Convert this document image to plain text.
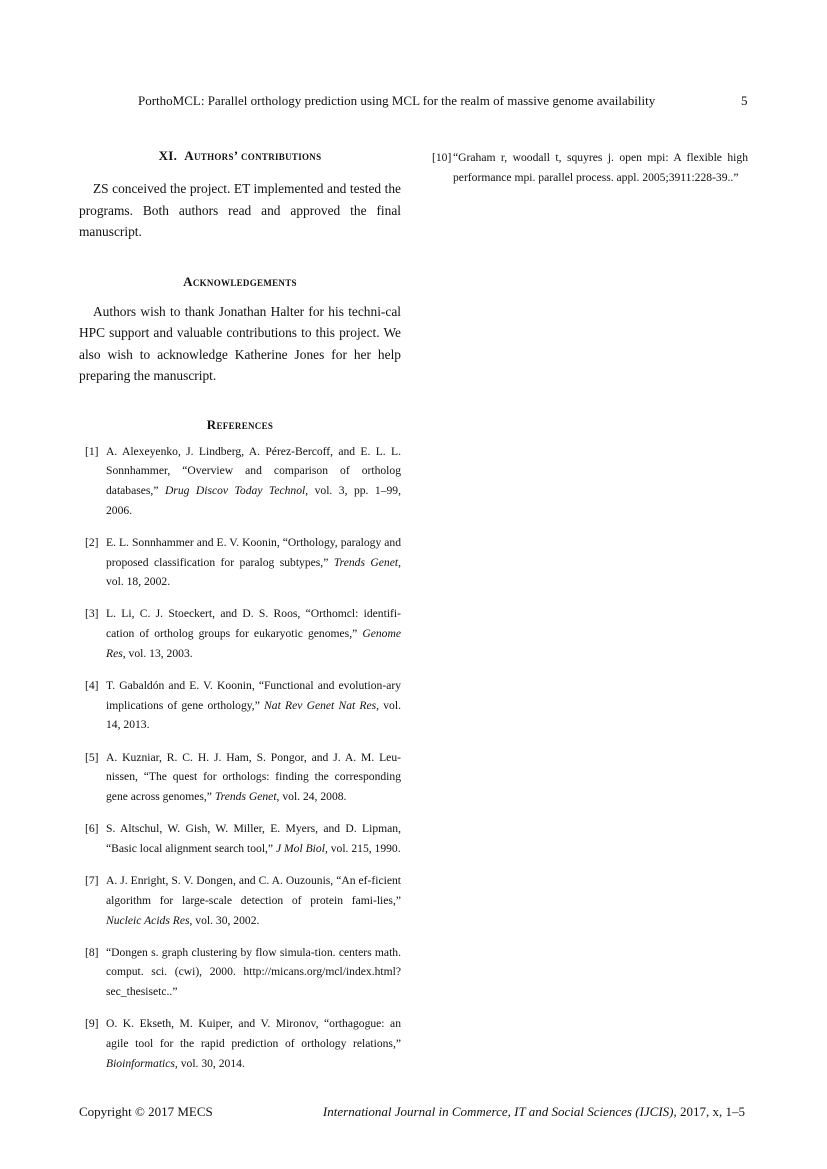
PorthoMCL: Parallel orthology prediction using MCL for the realm of massive genome availability	5
XI. Authors’ contributions

ZS conceived the project. ET implemented and tested the programs. Both authors read and approved the final manuscript.

Acknowledgements

Authors wish to thank Jonathan Halter for his techni-cal HPC support and valuable contributions to this project. We also wish to acknowledge Katherine Jones for her help preparing the manuscript.

References
[1] A. Alexeyenko, J. Lindberg, A. Pérez-Bercoff, and E. L. L. Sonnhammer, “Overview and comparison of ortholog databases,” Drug Discov Today Technol, vol. 3, pp. 1–99, 2006.
[2] E. L. Sonnhammer and E. V. Koonin, “Orthology, paralogy and proposed classification for paralog subtypes,” Trends Genet, vol. 18, 2002.
[3] L. Li, C. J. Stoeckert, and D. S. Roos, “Orthomcl: identifi-cation of ortholog groups for eukaryotic genomes,” Genome Res, vol. 13, 2003.
[4] T. Gabaldón and E. V. Koonin, “Functional and evolution-ary implications of gene orthology,” Nat Rev Genet Nat Res, vol. 14, 2013.
[5] A. Kuzniar, R. C. H. J. Ham, S. Pongor, and J. A. M. Leu-nissen, “The quest for orthologs: finding the corresponding gene across genomes,” Trends Genet, vol. 24, 2008.
[6] S. Altschul, W. Gish, W. Miller, E. Myers, and D. Lipman, “Basic local alignment search tool,” J Mol Biol, vol. 215, 1990.
[7] A. J. Enright, S. V. Dongen, and C. A. Ouzounis, “An ef-ficient algorithm for large-scale detection of protein fami-lies,” Nucleic Acids Res, vol. 30, 2002.
[8] “Dongen s. graph clustering by flow simula-tion. centers math. comput. sci. (cwi), 2000. http://micans.org/mcl/index.html?sec_thesisetc..”
[9] O. K. Ekseth, M. Kuiper, and V. Mironov, “orthagogue: an agile tool for the rapid prediction of orthology relations,” Bioinformatics, vol. 30, 2014.
[10] “Graham r, woodall t, squyres j. open mpi: A flexible high performance mpi. parallel process. appl. 2005;3911:228-39..”
Copyright © 2017 MECS	International Journal in Commerce, IT and Social Sciences (IJCIS), 2017, x, 1–5
